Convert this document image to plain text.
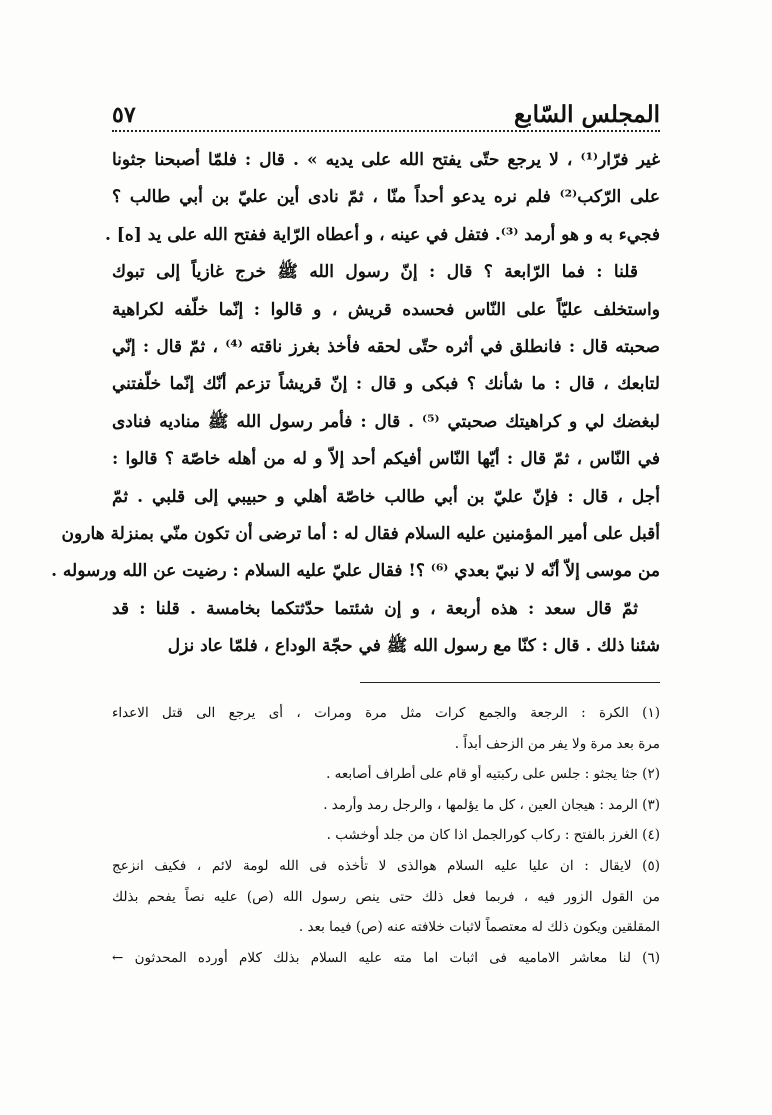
المجلس السّابع
٥٧
غير فرّار⁽¹⁾ ، لا يرجع حتّى يفتح الله على يديه » . قال : فلمّا أصبحنا جثونا
على الرّكب⁽²⁾ فلم نره يدعو أحداً منّا ، ثمّ نادى أين عليّ بن أبي طالب ؟
فجيء به و هو أرمد ⁽³⁾. فتفل في عينه ، و أعطاه الرّاية ففتح الله على يد [ه] .
قلنا : فما الرّابعة ؟ قال : إنّ رسول الله ﷺ خرج غازياً إلى تبوك
واستخلف عليّاً على النّاس فحسده قريش ، و قالوا : إنّما خلّفه لكراهية
صحبته قال : فانطلق في أثره حتّى لحقه فأخذ بغرز ناقته ⁽⁴⁾ ، ثمّ قال : إنّي
لتابعك ، قال : ما شأنك ؟ فبكى و قال : إنّ قريشاً تزعم أنّك إنّما خلّفتني
لبغضك لي و كراهيتك صحبتي ⁽⁵⁾ . قال : فأمر رسول الله ﷺ مناديه فنادى
في النّاس ، ثمّ قال : أيّها النّاس أفيكم أحد إلاّ و له من أهله خاصّة ؟ قالوا :
أجل ، قال : فإنّ عليّ بن أبي طالب خاصّة أهلي و حبيبي إلى قلبي . ثمّ
أقبل على أمير المؤمنين عليه السلام فقال له : أما ترضى أن تكون منّي بمنزلة هارون
من موسى إلاّ أنّه لا نبيّ بعدي ⁽⁶⁾ ؟! فقال عليّ عليه السلام : رضيت عن الله ورسوله .
ثمّ قال سعد : هذه أربعة ، و إن شئتما حدّثتكما بخامسة . قلنا : قد
شئنا ذلك . قال : كنّا مع رسول الله ﷺ في حجّة الوداع ، فلمّا عاد نزل
(١) الكرة : الرجعة والجمع كرات مثل مرة ومرات ، أى يرجع الى قتل الاعداء
مرة بعد مرة ولا يفر من الزحف أبداً .
(٢) جثا يجثو : جلس على ركبتيه أو قام على أطراف أصابعه .
(٣) الرمد : هيجان العين ، كل ما يؤلمها ، والرجل رمد وأرمد .
(٤) الغرز بالفتح : ركاب كورالجمل اذا كان من جلد أوخشب .
(٥) لايقال : ان عليا عليه السلام هوالذى لا تأخذه فى الله لومة لائم ، فكيف انزعج
من القول الزور فيه ، فربما فعل ذلك حتى ينص رسول الله (ص) عليه نصاً يفحم بذلك
المقلقين ويكون ذلك له معتصماً لاثبات خلافته عنه (ص) فيما بعد .
(٦) لنا معاشر الاماميه فى اثبات اما مته عليه السلام بذلك كلام أورده المحدثون ←
